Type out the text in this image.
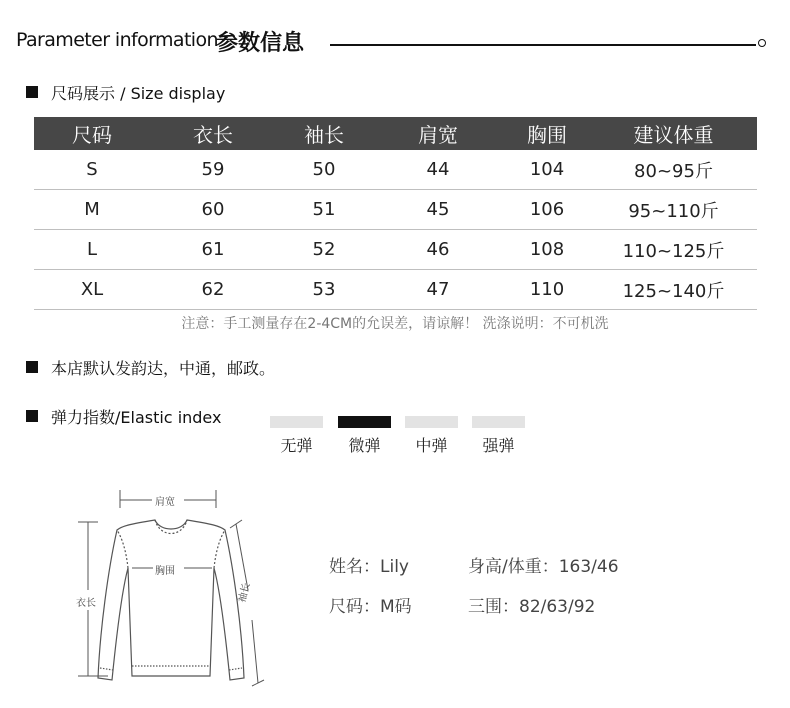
Parameter information
参数信息
尺码展示 / Size display
尺码	衣长	袖长	肩宽	胸围	建议体重
S	59	50	44	104	80~95斤
M	60	51	45	106	95~110斤
L	61	52	46	108	110~125斤
XL	62	53	47	110	125~140斤
注意：手工测量存在2-4CM的允误差，请谅解！ 洗涤说明：不可机洗
本店默认发韵达，中通，邮政。
弹力指数/Elastic index
无弹	微弹	中弹	强弹
肩宽
胸围
衣长	袖长
姓名：Lily	身高/体重：163/46
尺码：M码	三围：82/63/92
